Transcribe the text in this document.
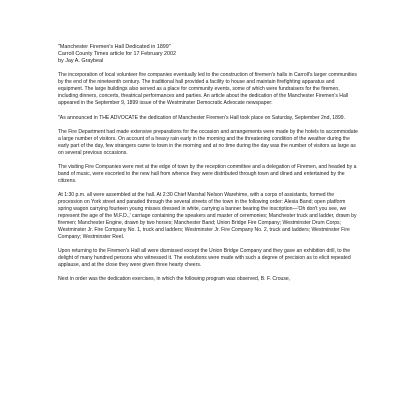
"Manchester Firemen's Hall Dedicated in 1899"

Carroll County Times article for 17 February 2002

by Jay A. Graybeal

The incorporation of local volunteer fire companies eventually led to the construction of firemen's halls in Carroll's larger communities by the end of the nineteenth century. The traditional hall provided a facility to house and maintain firefighting apparatus and equipment. The large buildings also served as a place for community events, some of which were fundraisers for the firemen, including dinners, concerts, theatrical performances and parties. An article about the dedication of the Manchester Firemen's Hall appeared in the September 9, 1899 issue of the Westminster Democratic Advocate newspaper:

"As announced in THE ADVOCATE the dedication of Manchester Firemen's Hall took place on Saturday, September 2nd, 1899.

The Fire Department had made extensive preparations for the occasion and arrangements were made by the hotels to accommodate a large number of visitors. On account of a heavy rain early in the morning and the threatening condition of the weather during the early part of the day, few strangers came to town in the morning and at no time during the day was the number of visitors as large as on several previous occasions.

The visiting Fire Companies were met at the edge of town by the reception committee and a delegation of Firemen, and headed by a band of music, were escorted to the new hall from whence they were distributed through town and dined and entertained by the citizens.

At 1:30 p.m. all were assembled at the hall. At 2:30 Chief Marshal Nelson Warehime, with a corps of assistants, formed the procession on York street and paraded through the several streets of the town in the following order: Alesia Band; open platform spring wagon carrying fourteen young misses dressed in white, carrying a banner bearing the inscription—'Oh don't you see, we represent the age of the M.F.D.,' carriage containing the speakers and master of ceremonies; Manchester truck and ladder, drawn by firemen; Manchester Engine, drawn by two horses; Manchester Band; Union Bridge Fire Company; Westminster Drum Corps; Westminster Jr. Fire Company No. 1, truck and ladders; Westminster Jr. Fire Company No. 2, truck and ladders; Westminster Fire Company; Westminster Reel.

Upon returning to the Firemen's Hall all were dismissed except the Union Bridge Company and they gave an exhibition drill, to the delight of many hundred persons who witnessed it. The evolutions were made with such a degree of precision as to elicit repeated applause, and at the close they were given three hearty cheers.

Next in order was the dedication exercises, in which the following program was observed, B. F. Crouse,
